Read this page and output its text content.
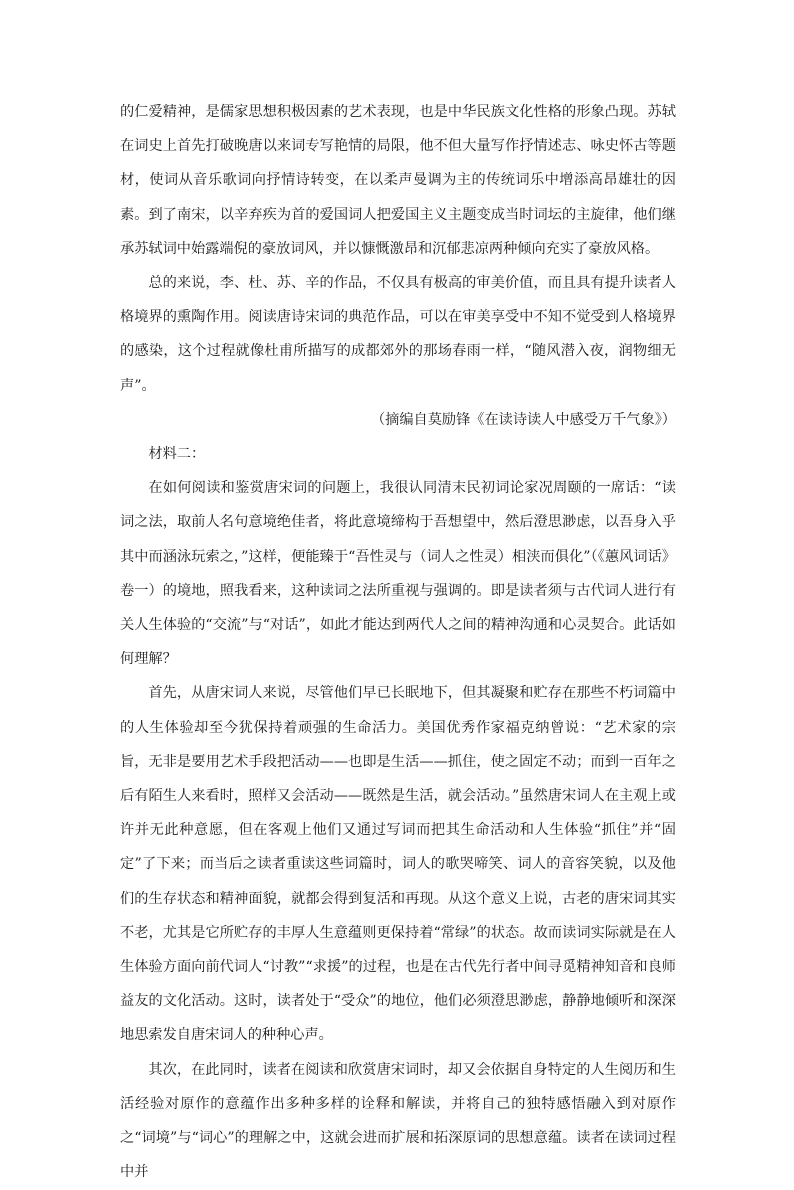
的仁爱精神，是儒家思想积极因素的艺术表现，也是中华民族文化性格的形象凸现。苏轼在词史上首先打破晚唐以来词专写艳情的局限，他不但大量写作抒情述志、咏史怀古等题材，使词从音乐歌词向抒情诗转变，在以柔声曼调为主的传统词乐中增添高昂雄壮的因素。到了南宋，以辛弃疾为首的爱国词人把爱国主义主题变成当时词坛的主旋律，他们继承苏轼词中始露端倪的豪放词风，并以慷慨激昂和沉郁悲凉两种倾向充实了豪放风格。

总的来说，李、杜、苏、辛的作品，不仅具有极高的审美价值，而且具有提升读者人格境界的熏陶作用。阅读唐诗宋词的典范作品，可以在审美享受中不知不觉受到人格境界的感染，这个过程就像杜甫所描写的成都郊外的那场春雨一样，“随风潜入夜，润物细无声”。

（摘编自莫励锋《在读诗读人中感受万千气象》）

材料二：

在如何阅读和鉴赏唐宋词的问题上，我很认同清末民初词论家况周颐的一席话：“读词之法，取前人名句意境绝佳者，将此意境缔构于吾想望中，然后澄思渺虑，以吾身入乎其中而涵泳玩索之，”这样，便能臻于“吾性灵与（词人之性灵）相浃而俱化”（《蕙风词话》卷一）的境地，照我看来，这种读词之法所重视与强调的。即是读者须与古代词人进行有关人生体验的“交流”与“对话”，如此才能达到两代人之间的精神沟通和心灵契合。此话如何理解？

首先，从唐宋词人来说，尽管他们早已长眠地下，但其凝聚和贮存在那些不朽词篇中的人生体验却至今犹保持着顽强的生命活力。美国优秀作家福克纳曾说：“艺术家的宗旨，无非是要用艺术手段把活动——也即是生活——抓住，使之固定不动；而到一百年之后有陌生人来看时，照样又会活动——既然是生活，就会活动。”虽然唐宋词人在主观上或许并无此种意愿，但在客观上他们又通过写词而把其生命活动和人生体验“抓住”并“固定”了下来；而当后之读者重读这些词篇时，词人的歌哭啼笑、词人的音容笑貌，以及他们的生存状态和精神面貌，就都会得到复活和再现。从这个意义上说，古老的唐宋词其实不老，尤其是它所贮存的丰厚人生意蕴则更保持着“常绿”的状态。故而读词实际就是在人生体验方面向前代词人“讨教”“求援”的过程，也是在古代先行者中间寻觅精神知音和良师益友的文化活动。这时，读者处于“受众”的地位，他们必须澄思渺虑，静静地倾听和深深地思索发自唐宋词人的种种心声。

其次，在此同时，读者在阅读和欣赏唐宋词时，却又会依据自身特定的人生阅历和生活经验对原作的意蕴作出多种多样的诠释和解读，并将自己的独特感悟融入到对原作之“词境”与“词心”的理解之中，这就会进而扩展和拓深原词的思想意蕴。读者在读词过程中并
